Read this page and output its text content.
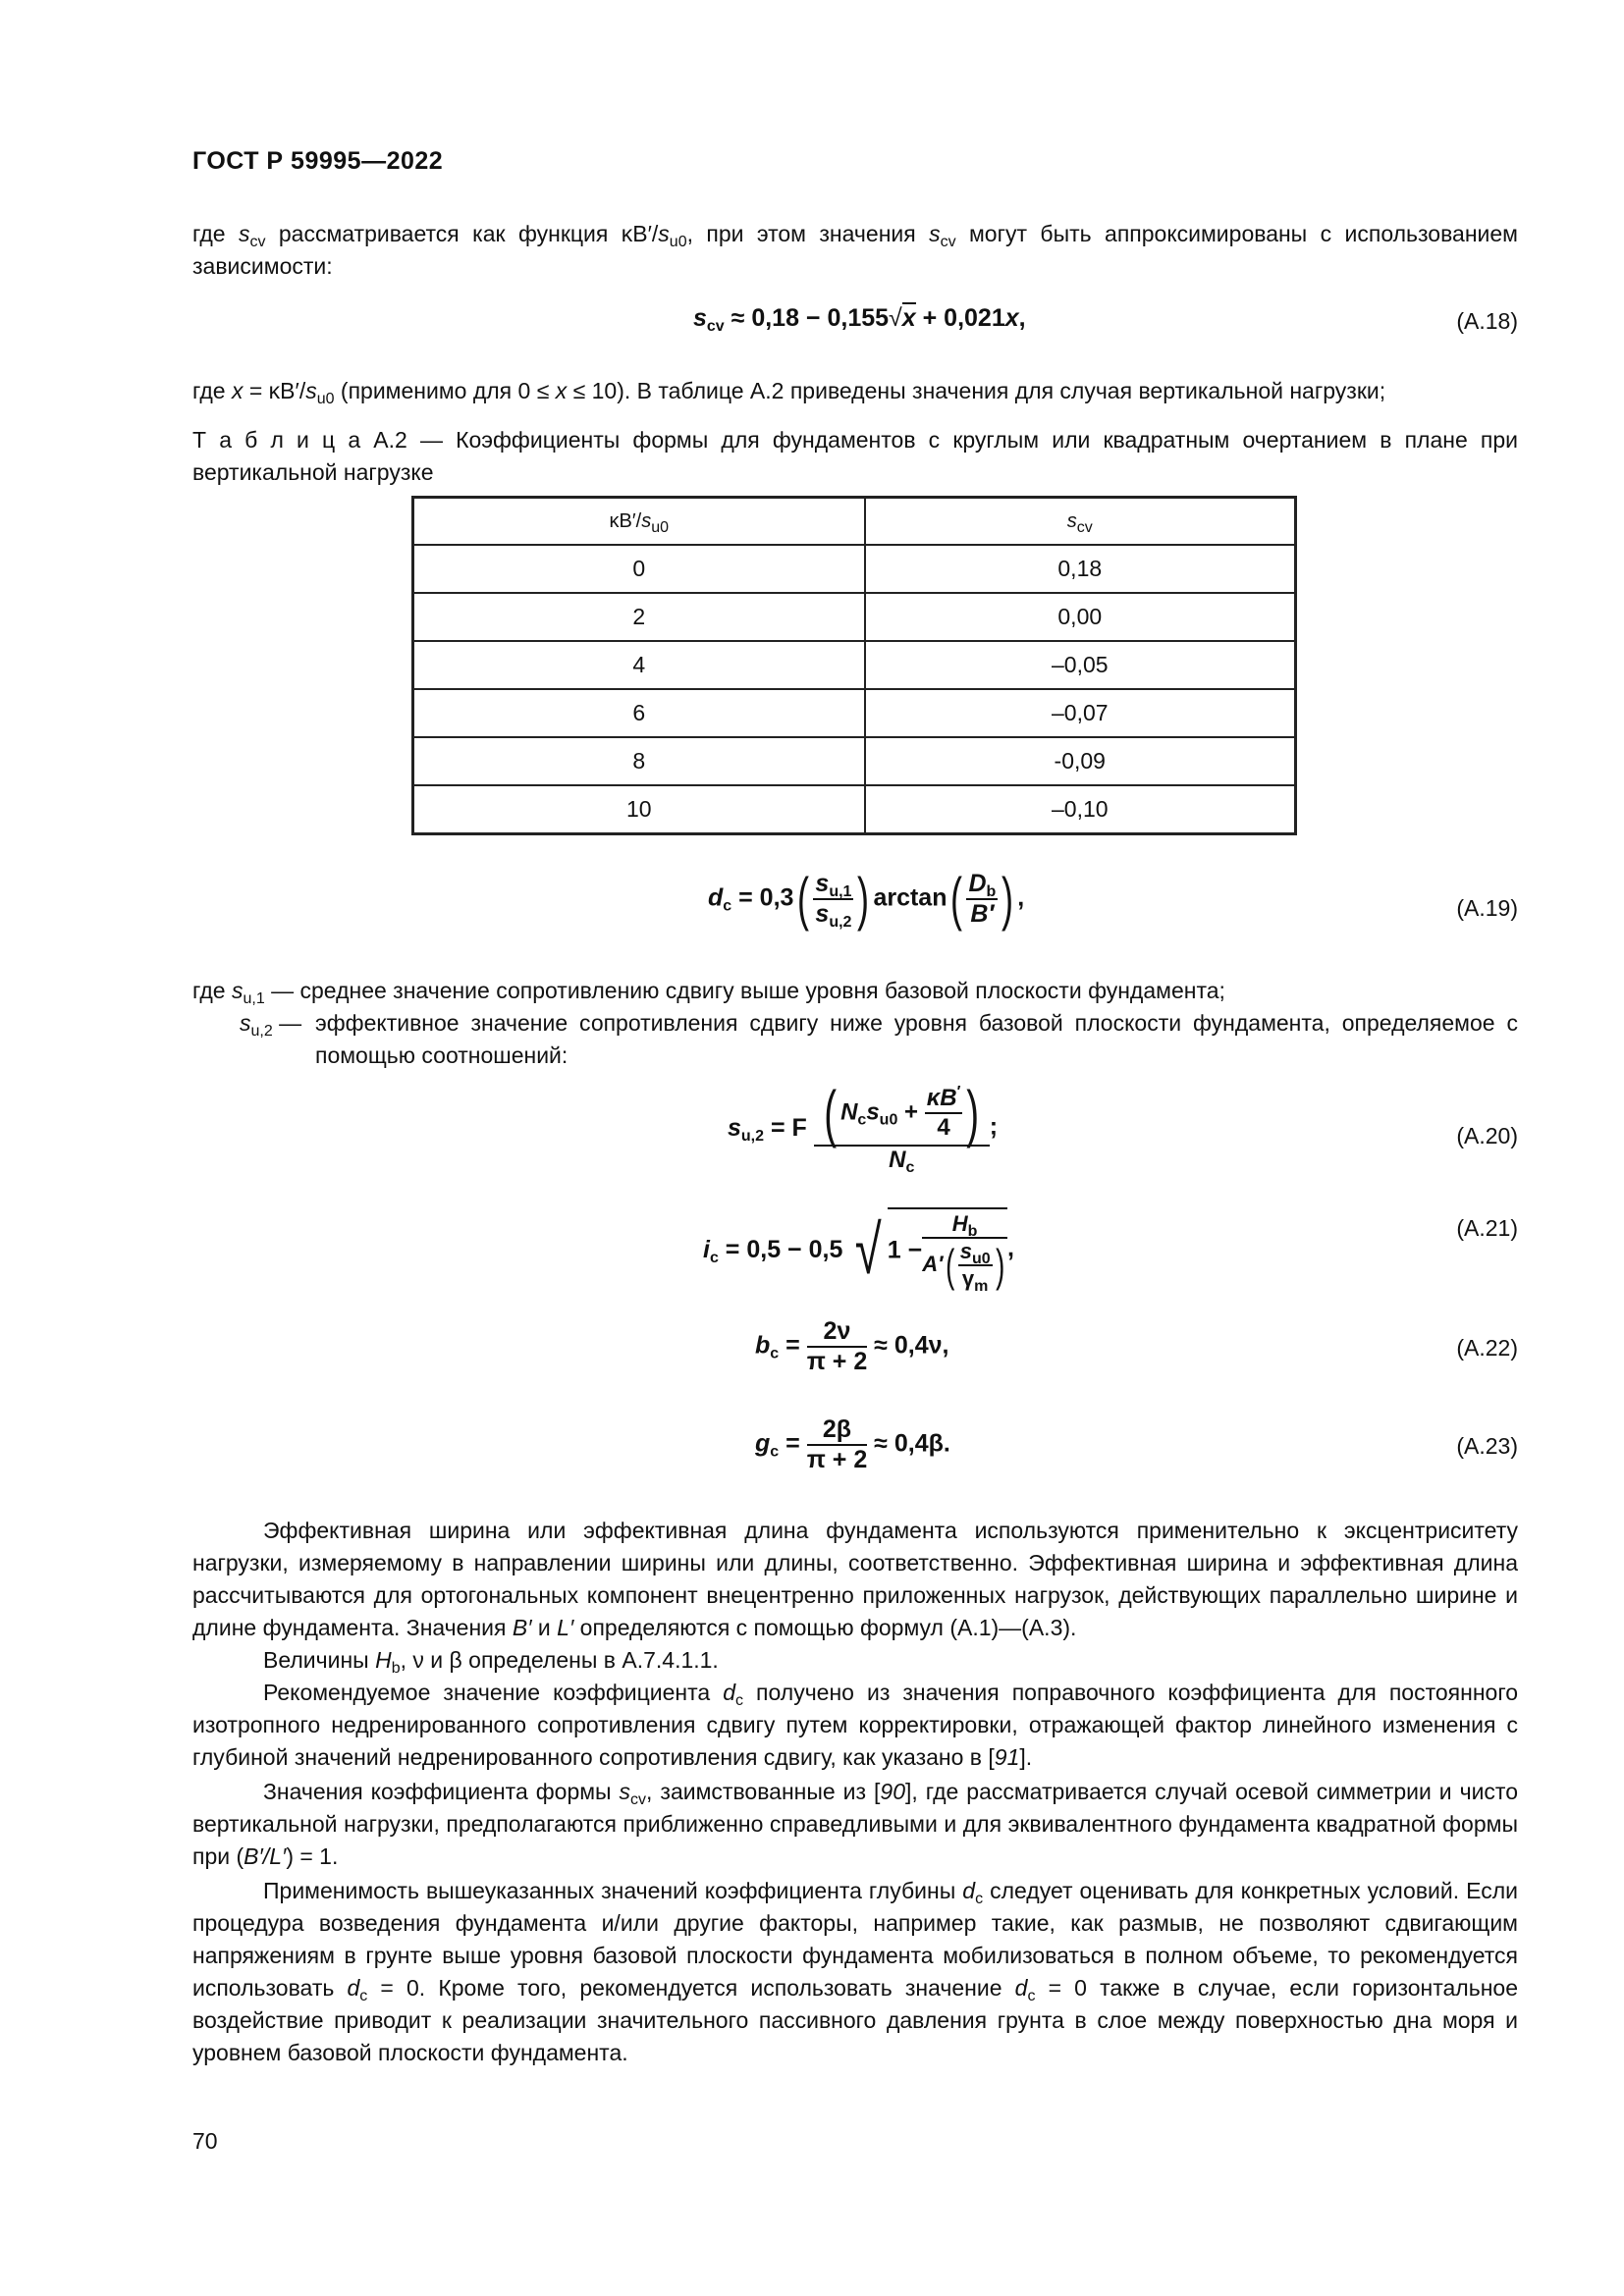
ГОСТ Р 59995—2022
где $s_{cv}$ рассматривается как функция $\kappa B'/s_{u0}$, при этом значения $s_{cv}$ могут быть аппроксимированы с использованием зависимости:
$s_{cv} \approx 0,18 - 0,155√x + 0,021x$,	(А.18)
где $x = \kappa B'/s_{u0}$ (применимо для 0 ≤ x ≤ 10). В таблице А.2 приведены значения для случая вертикальной нагрузки;
Т а б л и ц а А.2 — Коэффициенты формы для фундаментов с круглым или квадратным очертанием в плане при вертикальной нагрузке
$\kappa B'/s_{u0}$	$s_{cv}$
0	0,18
2	0,00
4	–0,05
6	–0,07
8	-0,09
10	–0,10
$d_c = 0,3( \frac{s_{u,1}}{s_{u,2}}$ ) $\arctan( \frac{D_b}{B'}$ ) ,	(А.19)
где $s_{u,1}$ — среднее значение сопротивлению сдвигу выше уровня базовой плоскости фундамента;
$s_{u,2}$ — эффективное значение сопротивления сдвигу ниже уровня базовой плоскости фундамента, определяемое с помощью соотношений:
$s_{u,2} = F \frac{( N_cs_{u0} + \frac{\kappa B'}{4} )}{N_c}$ ;	(А.20)
$i_c = 0,5 - 0,5$ √ $1 - \frac{H_b}{A'( \frac{s_{u0}}{\gamma_m} )}$ ,
(А.21)
$b_c = \frac{2\nu}{\pi + 2} \approx 0,4\nu$,	(А.22)
$g_c = \frac{2\beta}{\pi + 2} \approx 0,4\beta$.	(А.23)
Эффективная ширина или эффективная длина фундамента используются применительно к эксцентриситету нагрузки, измеряемому в направлении ширины или длины, соответственно. Эффективная ширина и эффективная длина рассчитываются для ортогональных компонент внецентренно приложенных нагрузок, действующих параллельно ширине и длине фундамента. Значения B′ и L′ определяются с помощью формул (А.1)—(А.3).
Величины $H_b$, ν и β определены в А.7.4.1.1.
Рекомендуемое значение коэффициента $d_c$ получено из значения поправочного коэффициента для постоянного изотропного недренированного сопротивления сдвигу путем корректировки, отражающей фактор линейного изменения с глубиной значений недренированного сопротивления сдвигу, как указано в [91].
Значения коэффициента формы $s_{cv}$, заимствованные из [90], где рассматривается случай осевой симметрии и чисто вертикальной нагрузки, предполагаются приближенно справедливыми и для эквивалентного фундамента квадратной формы при (B′/L′) = 1.
Применимость вышеуказанных значений коэффициента глубины $d_c$ следует оценивать для конкретных условий. Если процедура возведения фундамента и/или другие факторы, например такие, как размыв, не позволяют сдвигающим напряжениям в грунте выше уровня базовой плоскости фундамента мобилизоваться в полном объеме, то рекомендуется использовать $d_c = 0$. Кроме того, рекомендуется использовать значение $d_c = 0$ также в случае, если горизонтальное воздействие приводит к реализации значительного пассивного давления грунта в слое между поверхностью дна моря и уровнем базовой плоскости фундамента.
70
